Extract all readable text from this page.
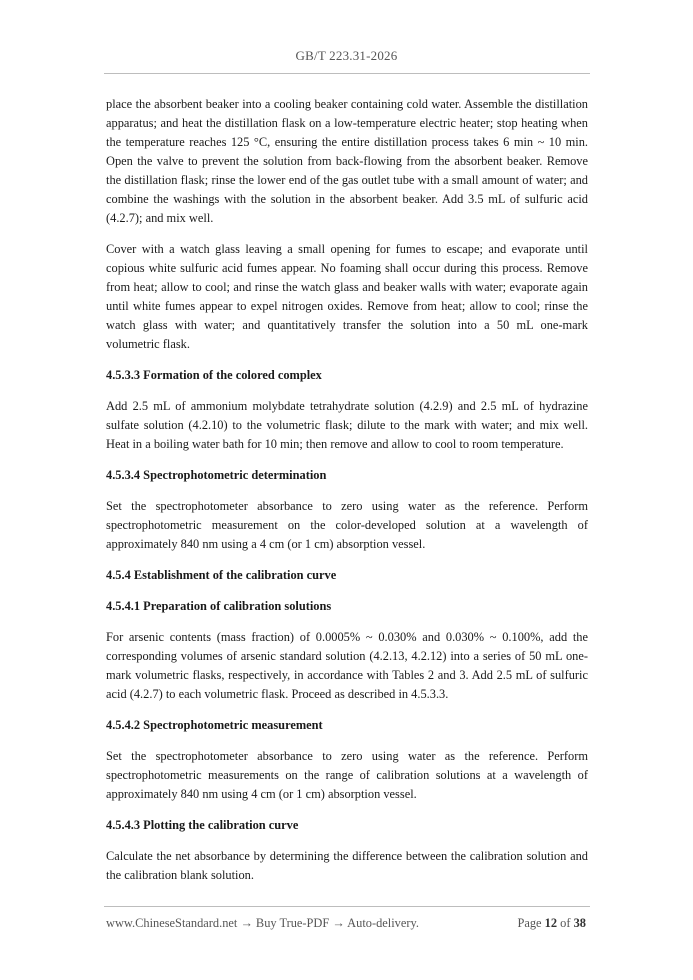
GB/T 223.31-2026

place the absorbent beaker into a cooling beaker containing cold water. Assemble the distillation apparatus; and heat the distillation flask on a low-temperature electric heater; stop heating when the temperature reaches 125 °C, ensuring the entire distillation process takes 6 min ~ 10 min. Open the valve to prevent the solution from back-flowing from the absorbent beaker. Remove the distillation flask; rinse the lower end of the gas outlet tube with a small amount of water; and combine the washings with the solution in the absorbent beaker. Add 3.5 mL of sulfuric acid (4.2.7); and mix well.

Cover with a watch glass leaving a small opening for fumes to escape; and evaporate until copious white sulfuric acid fumes appear. No foaming shall occur during this process. Remove from heat; allow to cool; and rinse the watch glass and beaker walls with water; evaporate again until white fumes appear to expel nitrogen oxides. Remove from heat; allow to cool; rinse the watch glass with water; and quantitatively transfer the solution into a 50 mL one-mark volumetric flask.

4.5.3.3 Formation of the colored complex

Add 2.5 mL of ammonium molybdate tetrahydrate solution (4.2.9) and 2.5 mL of hydrazine sulfate solution (4.2.10) to the volumetric flask; dilute to the mark with water; and mix well. Heat in a boiling water bath for 10 min; then remove and allow to cool to room temperature.

4.5.3.4 Spectrophotometric determination

Set the spectrophotometer absorbance to zero using water as the reference. Perform spectrophotometric measurement on the color-developed solution at a wavelength of approximately 840 nm using a 4 cm (or 1 cm) absorption vessel.

4.5.4 Establishment of the calibration curve
4.5.4.1 Preparation of calibration solutions

For arsenic contents (mass fraction) of 0.0005% ~ 0.030% and 0.030% ~ 0.100%, add the corresponding volumes of arsenic standard solution (4.2.13, 4.2.12) into a series of 50 mL one-mark volumetric flasks, respectively, in accordance with Tables 2 and 3. Add 2.5 mL of sulfuric acid (4.2.7) to each volumetric flask. Proceed as described in 4.5.3.3.

4.5.4.2 Spectrophotometric measurement

Set the spectrophotometer absorbance to zero using water as the reference. Perform spectrophotometric measurements on the range of calibration solutions at a wavelength of approximately 840 nm using 4 cm (or 1 cm) absorption vessel.

4.5.4.3 Plotting the calibration curve

Calculate the net absorbance by determining the difference between the calibration solution and the calibration blank solution.

www.ChineseStandard.net → Buy True-PDF → Auto-delivery.	Page 12 of 38
